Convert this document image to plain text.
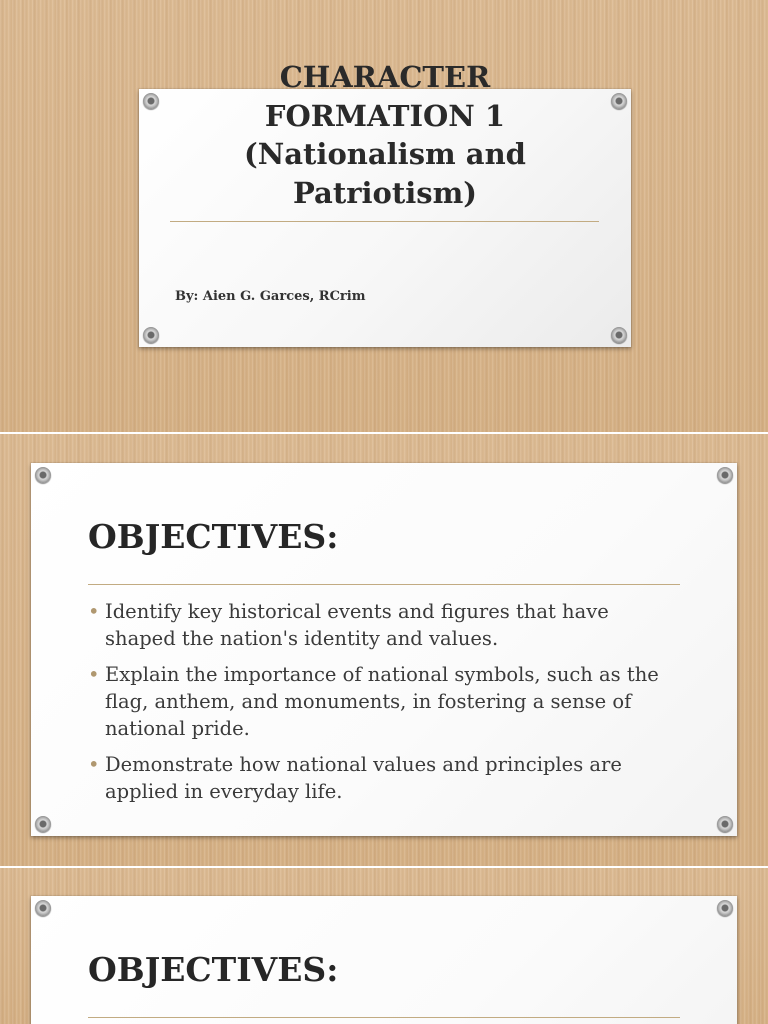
By: Aien G. Garces, RCrim
CHARACTER
FORMATION 1
(Nationalism and
Patriotism)
OBJECTIVES:
• Identify key historical events and figures that have shaped the nation's identity and values.
• Explain the importance of national symbols, such as the flag, anthem, and monuments, in fostering a sense of national pride.
• Demonstrate how national values and principles are applied in everyday life.
OBJECTIVES:
